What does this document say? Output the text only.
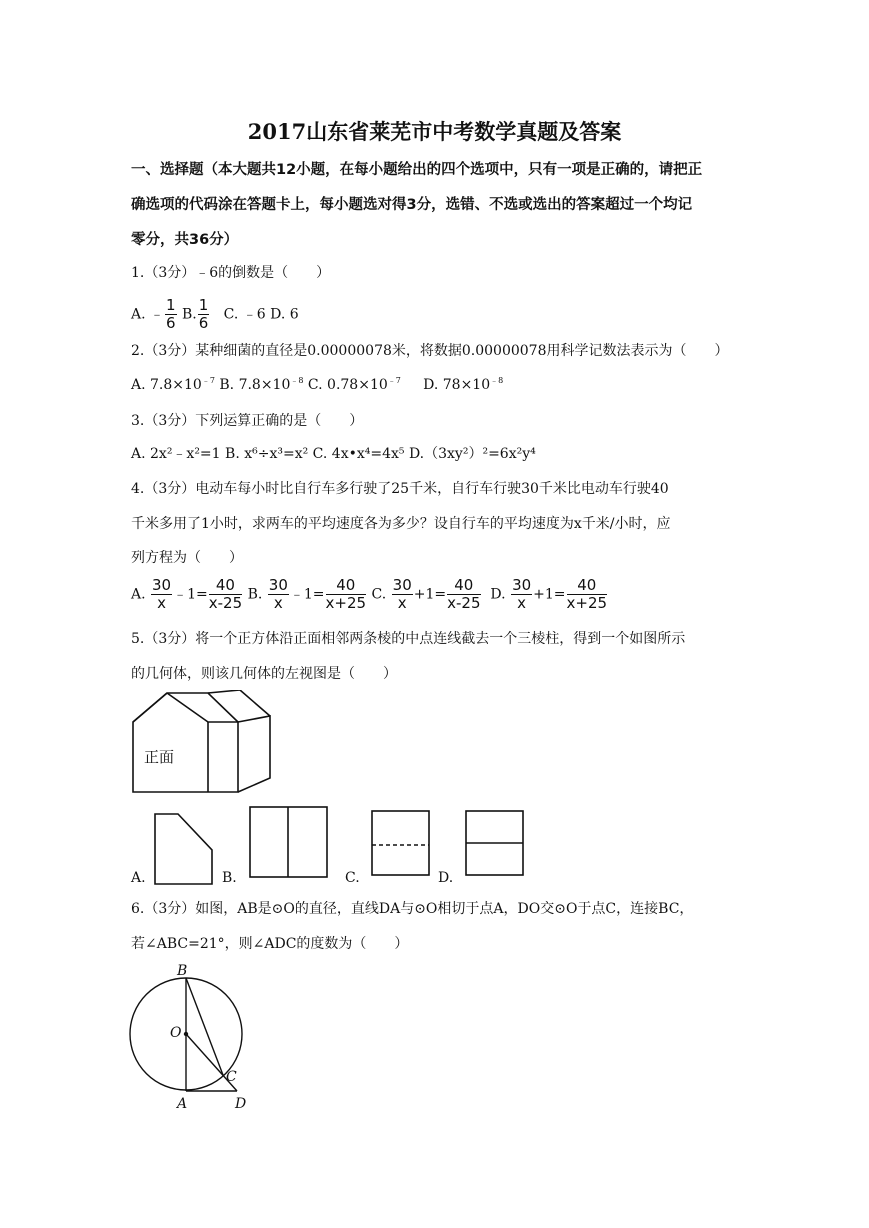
2017山东省莱芜市中考数学真题及答案
一、选择题（本大题共12小题，在每小题给出的四个选项中，只有一项是正确的，请把正
确选项的代码涂在答题卡上，每小题选对得3分，选错、不选或选出的答案超过一个均记
零分，共36分）
1.（3分）﹣6的倒数是（　　）
A. ﹣ $\frac{1}{6} B$. $\frac{1}{6} C$. ﹣6 D. 6
2.（3分）某种细菌的直径是0.00000078米，将数据0.00000078用科学记数法表示为（　　）
A. $7.8\times 10^{﹣7}$ B. $7.8\times 10^{﹣8}$ C. $0.78\times 10^{﹣7}$ D. $78\times 10^{﹣8}$
3.（3分）下列运算正确的是（　　）
A. 2x²﹣x²=1 B. x⁶÷x³=x² C. 4x•x⁴=4x⁵ D.（3xy²）²=6x²y⁴
4.（3分）电动车每小时比自行车多行驶了25千米，自行车行驶30千米比电动车行驶40
千米多用了1小时，求两车的平均速度各为多少？设自行车的平均速度为x千米/小时，应
列方程为（　　）
A. $\frac{30}{x}$ ﹣1= $\frac{40}{x-25} B$. $\frac{30}{x}$ ﹣1= $\frac{40}{x+25} C$. $\frac{30}{x} +1= \frac{40}{x-25} D$. $\frac{30}{x} +1= \frac{40}{x+25}$
5.（3分）将一个正方体沿正面相邻两条棱的中点连线截去一个三棱柱，得到一个如图所示
的几何体，则该几何体的左视图是（　　）
正面
A.	B.	C.	D.
6.（3分）如图，AB是⊙O的直径，直线DA与⊙O相切于点A，DO交⊙O于点C，连接BC，
若∠ABC=21°，则∠ADC的度数为（　　）
B
O
C
A	D
